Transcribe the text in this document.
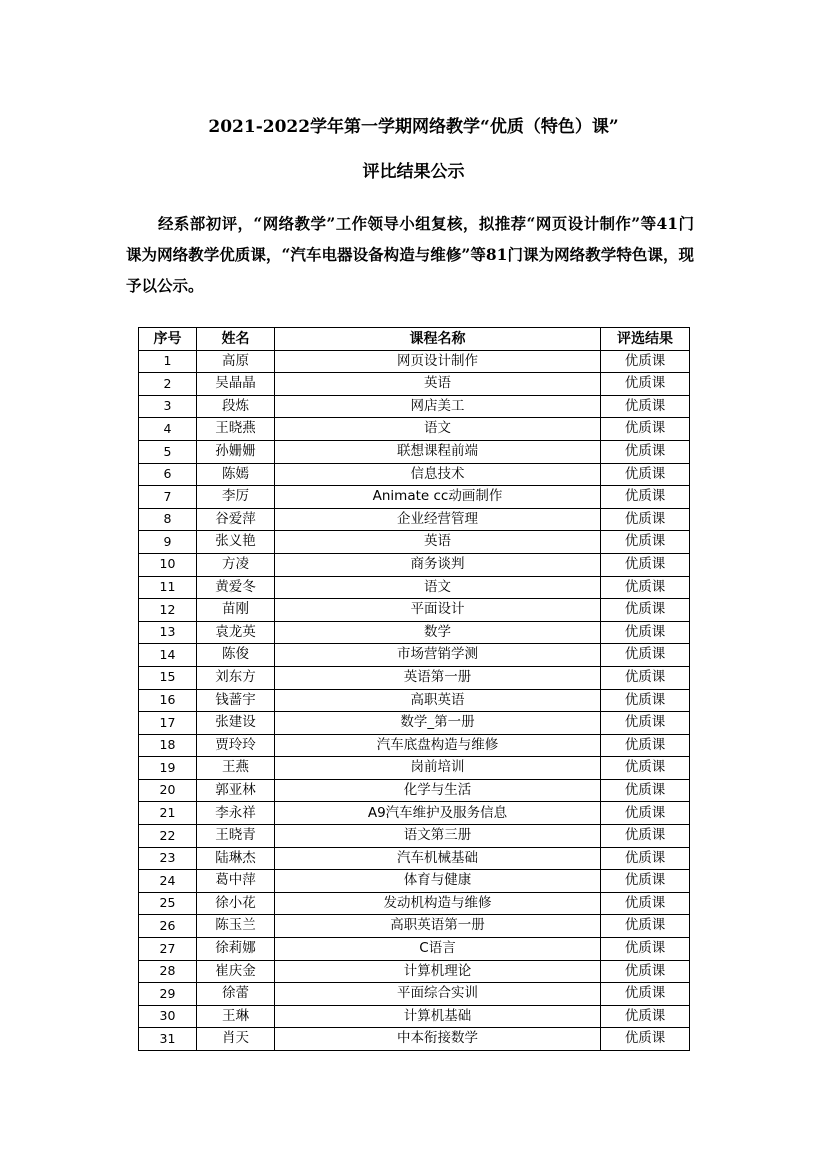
2021-2022学年第一学期网络教学“优质（特色）课”
评比结果公示

经系部初评，“网络教学”工作领导小组复核，拟推荐“网页设计制作”等41门课为网络教学优质课，“汽车电器设备构造与维修”等81门课为网络教学特色课，现予以公示。

序号	姓名	课程名称	评选结果
1	高原	网页设计制作	优质课
2	吴晶晶	英语	优质课
3	段炼	网店美工	优质课
4	王晓燕	语文	优质课
5	孙姗姗	联想课程前端	优质课
6	陈嫣	信息技术	优质课
7	李厉	Animate cc动画制作	优质课
8	谷爱萍	企业经营管理	优质课
9	张义艳	英语	优质课
10	方凌	商务谈判	优质课
11	黄爱冬	语文	优质课
12	苗刚	平面设计	优质课
13	袁龙英	数学	优质课
14	陈俊	市场营销学测	优质课
15	刘东方	英语第一册	优质课
16	钱蔷宇	高职英语	优质课
17	张建设	数学_第一册	优质课
18	贾玲玲	汽车底盘构造与维修	优质课
19	王燕	岗前培训	优质课
20	郭亚林	化学与生活	优质课
21	李永祥	A9汽车维护及服务信息	优质课
22	王晓青	语文第三册	优质课
23	陆琳杰	汽车机械基础	优质课
24	葛中萍	体育与健康	优质课
25	徐小花	发动机构造与维修	优质课
26	陈玉兰	高职英语第一册	优质课
27	徐莉娜	C语言	优质课
28	崔庆金	计算机理论	优质课
29	徐蕾	平面综合实训	优质课
30	王琳	计算机基础	优质课
31	肖天	中本衔接数学	优质课
